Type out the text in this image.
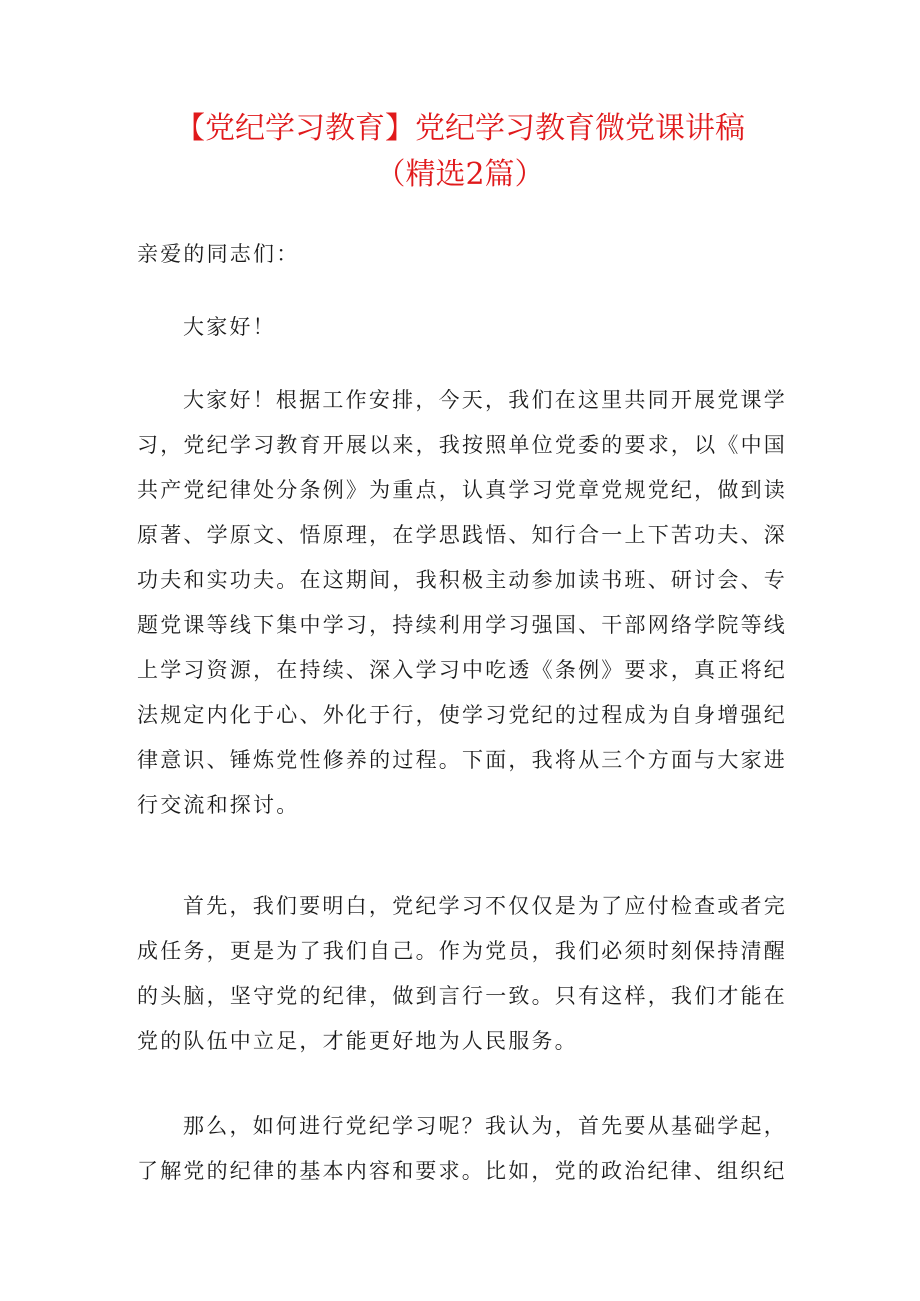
【党纪学习教育】党纪学习教育微党课讲稿
（精选2篇）

亲爱的同志们：

大家好！

大家好！根据工作安排，今天，我们在这里共同开展党课学习，党纪学习教育开展以来，我按照单位党委的要求，以《中国共产党纪律处分条例》为重点，认真学习党章党规党纪，做到读原著、学原文、悟原理，在学思践悟、知行合一上下苦功夫、深功夫和实功夫。在这期间，我积极主动参加读书班、研讨会、专题党课等线下集中学习，持续利用学习强国、干部网络学院等线上学习资源，在持续、深入学习中吃透《条例》要求，真正将纪法规定内化于心、外化于行，使学习党纪的过程成为自身增强纪律意识、锤炼党性修养的过程。下面，我将从三个方面与大家进行交流和探讨。

首先，我们要明白，党纪学习不仅仅是为了应付检查或者完成任务，更是为了我们自己。作为党员，我们必须时刻保持清醒的头脑，坚守党的纪律，做到言行一致。只有这样，我们才能在党的队伍中立足，才能更好地为人民服务。

那么，如何进行党纪学习呢？我认为，首先要从基础学起，了解党的纪律的基本内容和要求。比如，党的政治纪律、组织纪
